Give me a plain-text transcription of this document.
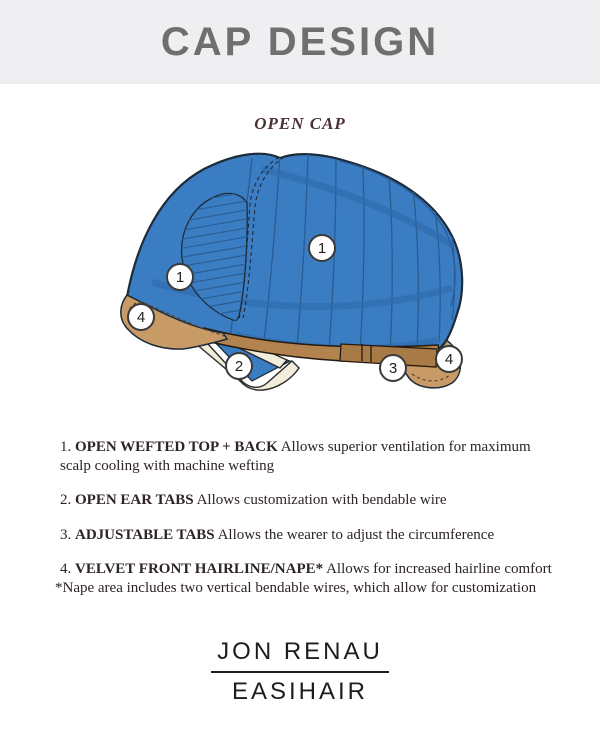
CAP DESIGN
OPEN CAP
1
1
4
2	3
4

1. OPEN WEFTED TOP + BACK Allows superior ventilation for maximum scalp cooling with machine wefting

2. OPEN EAR TABS Allows customization with bendable wire

3. ADJUSTABLE TABS Allows the wearer to adjust the circumference

4. VELVET FRONT HAIRLINE/NAPE* Allows for increased hairline comfort
*Nape area includes two vertical bendable wires, which allow for customization

JON RENAU
EASIHAIR
